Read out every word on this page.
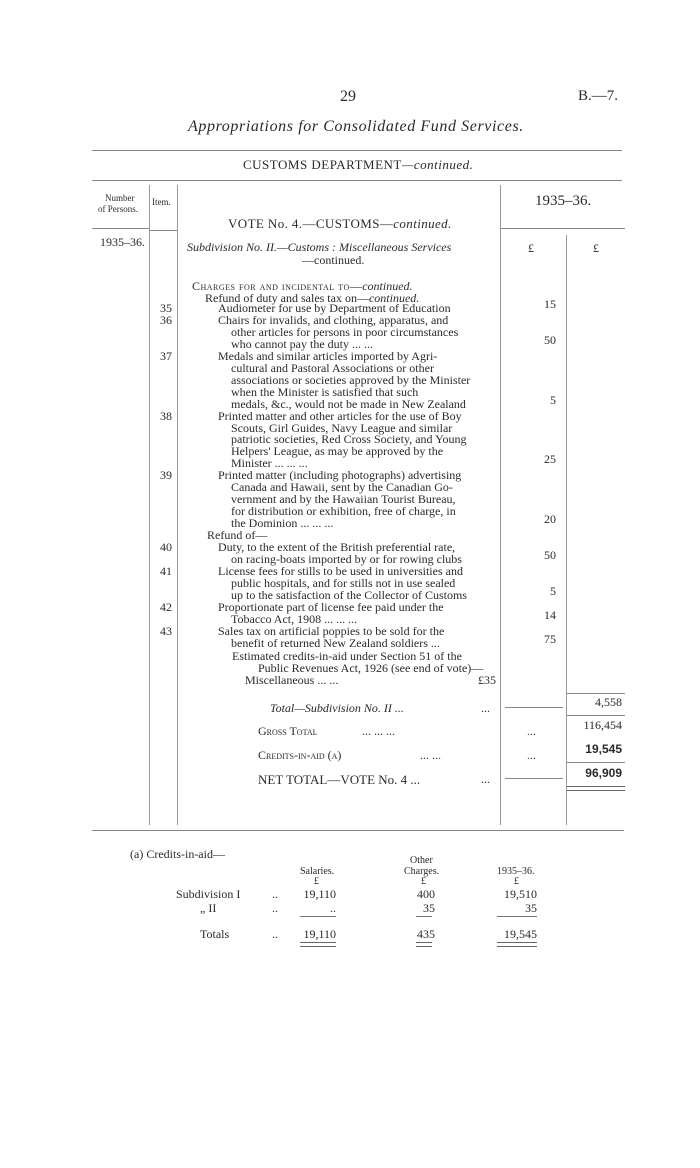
29	B.—7.
Appropriations for Consolidated Fund Services.
CUSTOMS DEPARTMENT—continued.
Number
of Persons.
Item.	1935–36.
VOTE No. 4.—CUSTOMS—continued.
1935–36.	Subdivision No. II.—Customs : Miscellaneous Services
—continued.
£	£
Charges for and incidental to—continued.
Refund of duty and sales tax on—continued.
35	Audiometer for use by Department of Education	15
36	Chairs for invalids, and clothing, apparatus, and
other articles for persons in poor circumstances
who cannot pay the duty ... ...	50
37	Medals and similar articles imported by Agri-
cultural and Pastoral Associations or other
associations or societies approved by the Minister
when the Minister is satisfied that such
medals, &c., would not be made in New Zealand	5
38	Printed matter and other articles for the use of Boy
Scouts, Girl Guides, Navy League and similar
patriotic societies, Red Cross Society, and Young
Helpers' League, as may be approved by the
Minister ... ... ...	25
39	Printed matter (including photographs) advertising
Canada and Hawaii, sent by the Canadian Go-
vernment and by the Hawaiian Tourist Bureau,
for distribution or exhibition, free of charge, in
the Dominion ... ... ...	20
Refund of—
40	Duty, to the extent of the British preferential rate,
on racing-boats imported by or for rowing clubs	50
41	License fees for stills to be used in universities and
public hospitals, and for stills not in use sealed
up to the satisfaction of the Collector of Customs	5
42	Proportionate part of license fee paid under the
Tobacco Act, 1908 ... ... ...	14
43	Sales tax on artificial poppies to be sold for the
benefit of returned New Zealand soldiers ...	75
Estimated credits-in-aid under Section 51 of the
Public Revenues Act, 1926 (see end of vote)—
Miscellaneous ... ...	£35
Total—Subdivision No. II ...	...	4,558
Gross Total	... ... ...	...	116,454
Credits-in-aid (a)	... ...	...	19,545
NET TOTAL—VOTE No. 4 ...	...	96,909
(a) Credits-in-aid—	Other
Salaries.	Charges.	1935–36.
£	£	£
Subdivision I	..	19,110	400	19,510
„ II	..	..	35	35
Totals	..	19,110	435	19,545
